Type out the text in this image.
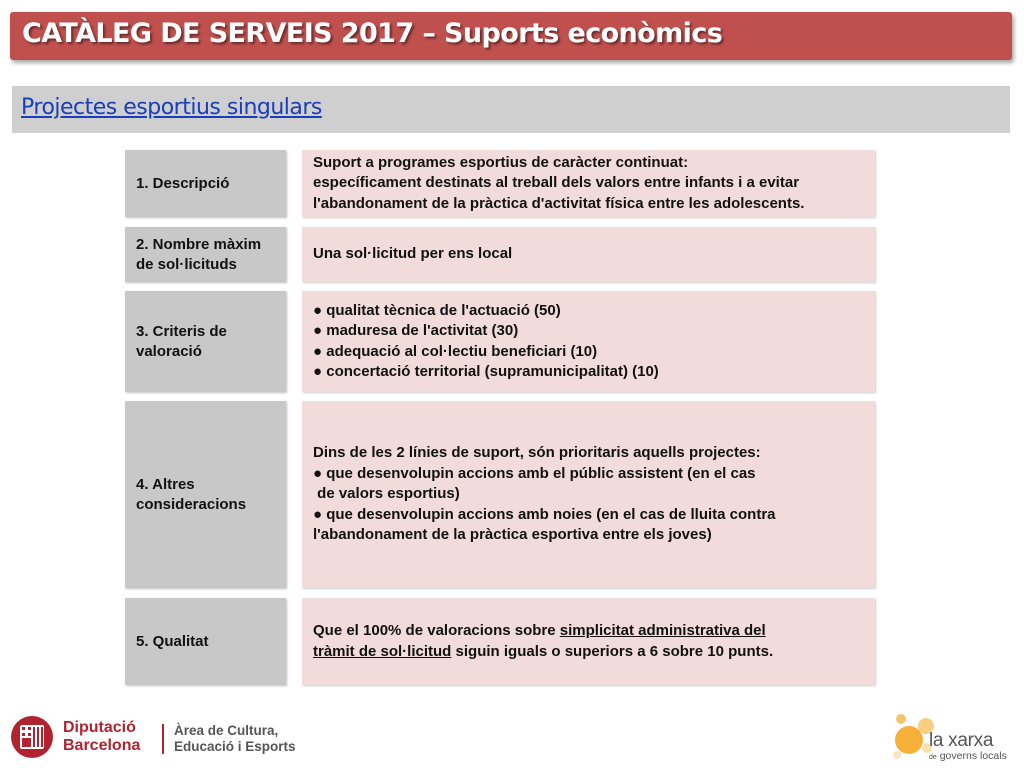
CATÀLEG DE SERVEIS 2017 – Suports econòmics
Projectes esportius singulars
1. Descripció
Suport a programes esportius de caràcter continuat:
específicament destinats al treball dels valors entre infants i a evitar
l'abandonament de la pràctica d'activitat física entre les adolescents.
2. Nombre màxim
de sol·licituds
Una sol·licitud per ens local
3. Criteris de
valoració
● qualitat tècnica de l'actuació (50)
● maduresa de l'activitat (30)
● adequació al col·lectiu beneficiari (10)
● concertació territorial (supramunicipalitat) (10)
4. Altres
consideracions
Dins de les 2 línies de suport, són prioritaris aquells projectes:
● que desenvolupin accions amb el públic assistent (en el cas
de valors esportius)
● que desenvolupin accions amb noies (en el cas de lluita contra
l'abandonament de la pràctica esportiva entre els joves)
5. Qualitat
Que el 100% de valoracions sobre simplicitat administrativa del
tràmit de sol·licitud siguin iguals o superiors a 6 sobre 10 punts.
Diputació
Barcelona
Àrea de Cultura,
Educació i Esports	la xarxa
de governs locals
